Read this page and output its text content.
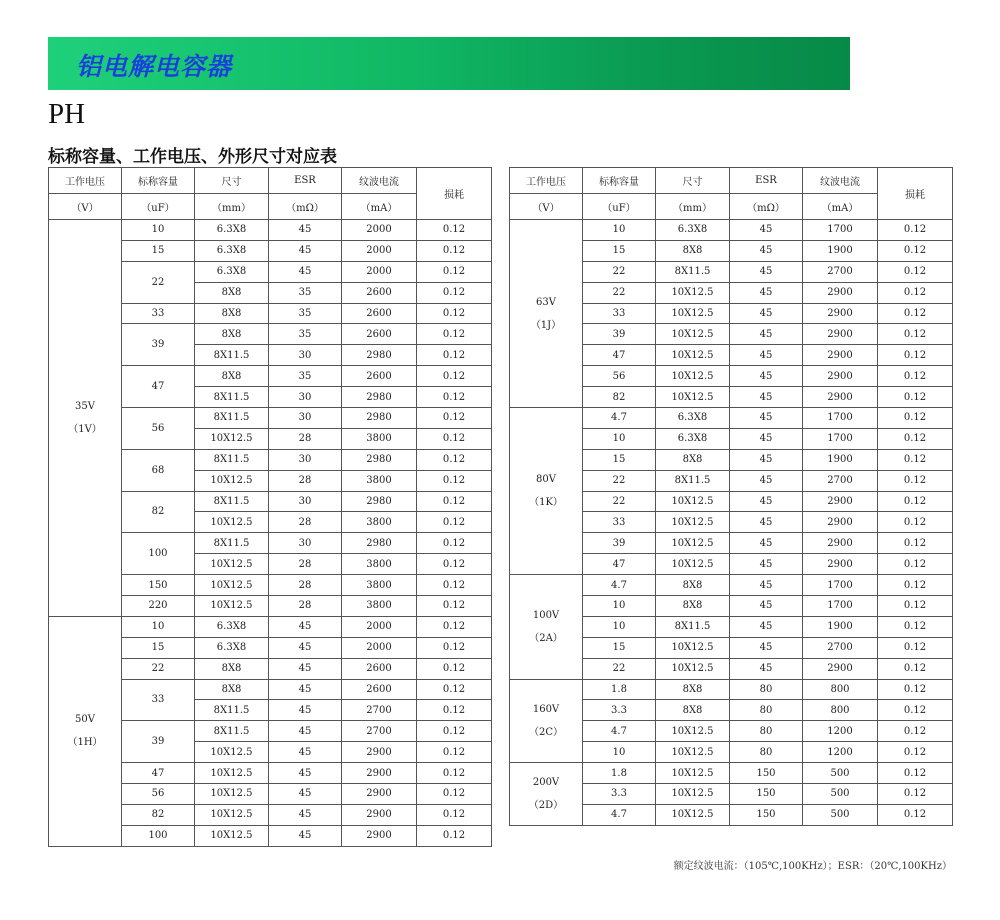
铝电解电容器
PH
标称容量、工作电压、外形尺寸对应表
工作电压	标称容量	尺寸	ESR	纹波电流	损耗
（V）	（uF）	（mm）	（mΩ）	（mA）	

35V
（1V）	10	6.3X8	45	2000	0.12
	15	6.3X8	45	2000	0.12
	22	6.3X8	45	2000	0.12
		8X8	35	2600	0.12
	33	8X8	35	2600	0.12
	39	8X8	35	2600	0.12
		8X11.5	30	2980	0.12
	47	8X8	35	2600	0.12
		8X11.5	30	2980	0.12
	56	8X11.5	30	2980	0.12
		10X12.5	28	3800	0.12
	68	8X11.5	30	2980	0.12
		10X12.5	28	3800	0.12
	82	8X11.5	30	2980	0.12
		10X12.5	28	3800	0.12
	100	8X11.5	30	2980	0.12
		10X12.5	28	3800	0.12
	150	10X12.5	28	3800	0.12
	220	10X12.5	28	3800	0.12

50V
（1H）	10	6.3X8	45	2000	0.12
	15	6.3X8	45	2000	0.12
	22	8X8	45	2600	0.12
	33	8X8	45	2600	0.12
		8X11.5	45	2700	0.12
	39	8X11.5	45	2700	0.12
		10X12.5	45	2900	0.12
	47	10X12.5	45	2900	0.12
	56	10X12.5	45	2900	0.12
	82	10X12.5	45	2900	0.12
	100	10X12.5	45	2900	0.12
工作电压	标称容量	尺寸	ESR	纹波电流	损耗
（V）	（uF）	（mm）	（mΩ）	（mA）	

63V
（1J）	10	6.3X8	45	1700	0.12
	15	8X8	45	1900	0.12
	22	8X11.5	45	2700	0.12
	22	10X12.5	45	2900	0.12
	33	10X12.5	45	2900	0.12
	39	10X12.5	45	2900	0.12
	47	10X12.5	45	2900	0.12
	56	10X12.5	45	2900	0.12
	82	10X12.5	45	2900	0.12

80V
（1K）	4.7	6.3X8	45	1700	0.12
	10	6.3X8	45	1700	0.12
	15	8X8	45	1900	0.12
	22	8X11.5	45	2700	0.12
	22	10X12.5	45	2900	0.12
	33	10X12.5	45	2900	0.12
	39	10X12.5	45	2900	0.12
	47	10X12.5	45	2900	0.12

100V
（2A）	4.7	8X8	45	1700	0.12
	10	8X8	45	1700	0.12
	10	8X11.5	45	1900	0.12
	15	10X12.5	45	2700	0.12
	22	10X12.5	45	2900	0.12

160V
（2C）	1.8	8X8	80	800	0.12
	3.3	8X8	80	800	0.12
	4.7	10X12.5	80	1200	0.12
	10	10X12.5	80	1200	0.12

200V
（2D）	1.8	10X12.5	150	500	0.12
	3.3	10X12.5	150	500	0.12
	4.7	10X12.5	150	500	0.12
额定纹波电流：（105℃,100KHz）；ESR：（20℃,100KHz）
